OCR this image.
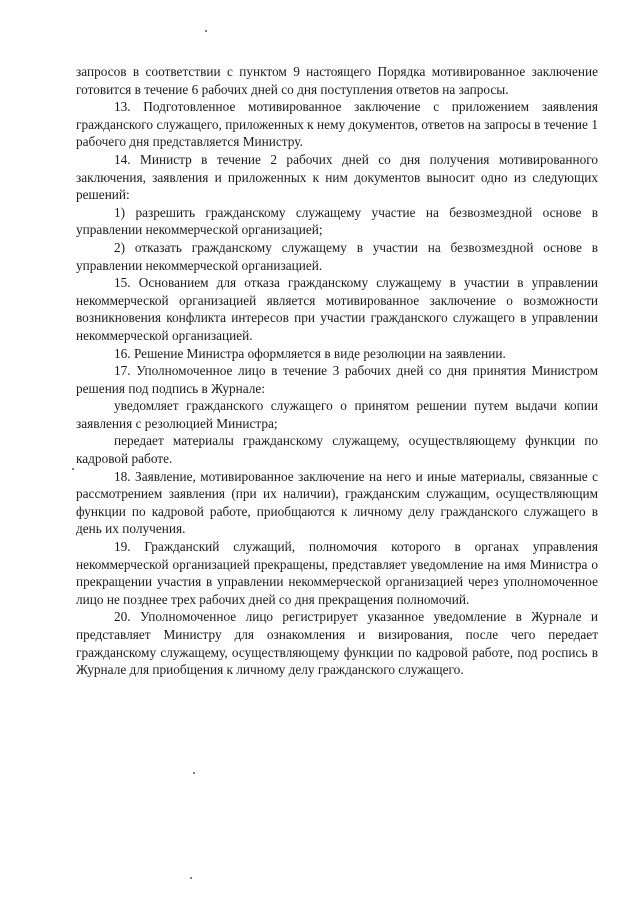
запросов в соответствии с пунктом 9 настоящего Порядка мотивированное заключение готовится в течение 6 рабочих дней со дня поступления ответов на запросы.

13. Подготовленное мотивированное заключение с приложением заявления гражданского служащего, приложенных к нему документов, ответов на запросы в течение 1 рабочего дня представляется Министру.

14. Министр в течение 2 рабочих дней со дня получения мотивированного заключения, заявления и приложенных к ним документов выносит одно из следующих решений:

1) разрешить гражданскому служащему участие на безвозмездной основе в управлении некоммерческой организацией;

2) отказать гражданскому служащему в участии на безвозмездной основе в управлении некоммерческой организацией.

15. Основанием для отказа гражданскому служащему в участии в управлении некоммерческой организацией является мотивированное заключение о возможности возникновения конфликта интересов при участии гражданского служащего в управлении некоммерческой организацией.

16. Решение Министра оформляется в виде резолюции на заявлении.

17. Уполномоченное лицо в течение 3 рабочих дней со дня принятия Министром решения под подпись в Журнале:

уведомляет гражданского служащего о принятом решении путем выдачи копии заявления с резолюцией Министра;

передает материалы гражданскому служащему, осуществляющему функции по кадровой работе.

18. Заявление, мотивированное заключение на него и иные материалы, связанные с рассмотрением заявления (при их наличии), гражданским служащим, осуществляющим функции по кадровой работе, приобщаются к личному делу гражданского служащего в день их получения.

19. Гражданский служащий, полномочия которого в органах управления некоммерческой организацией прекращены, представляет уведомление на имя Министра о прекращении участия в управлении некоммерческой организацией через уполномоченное лицо не позднее трех рабочих дней со дня прекращения полномочий.

20. Уполномоченное лицо регистрирует указанное уведомление в Журнале и представляет Министру для ознакомления и визирования, после чего передает гражданскому служащему, осуществляющему функции по кадровой работе, под роспись в Журнале для приобщения к личному делу гражданского служащего.
